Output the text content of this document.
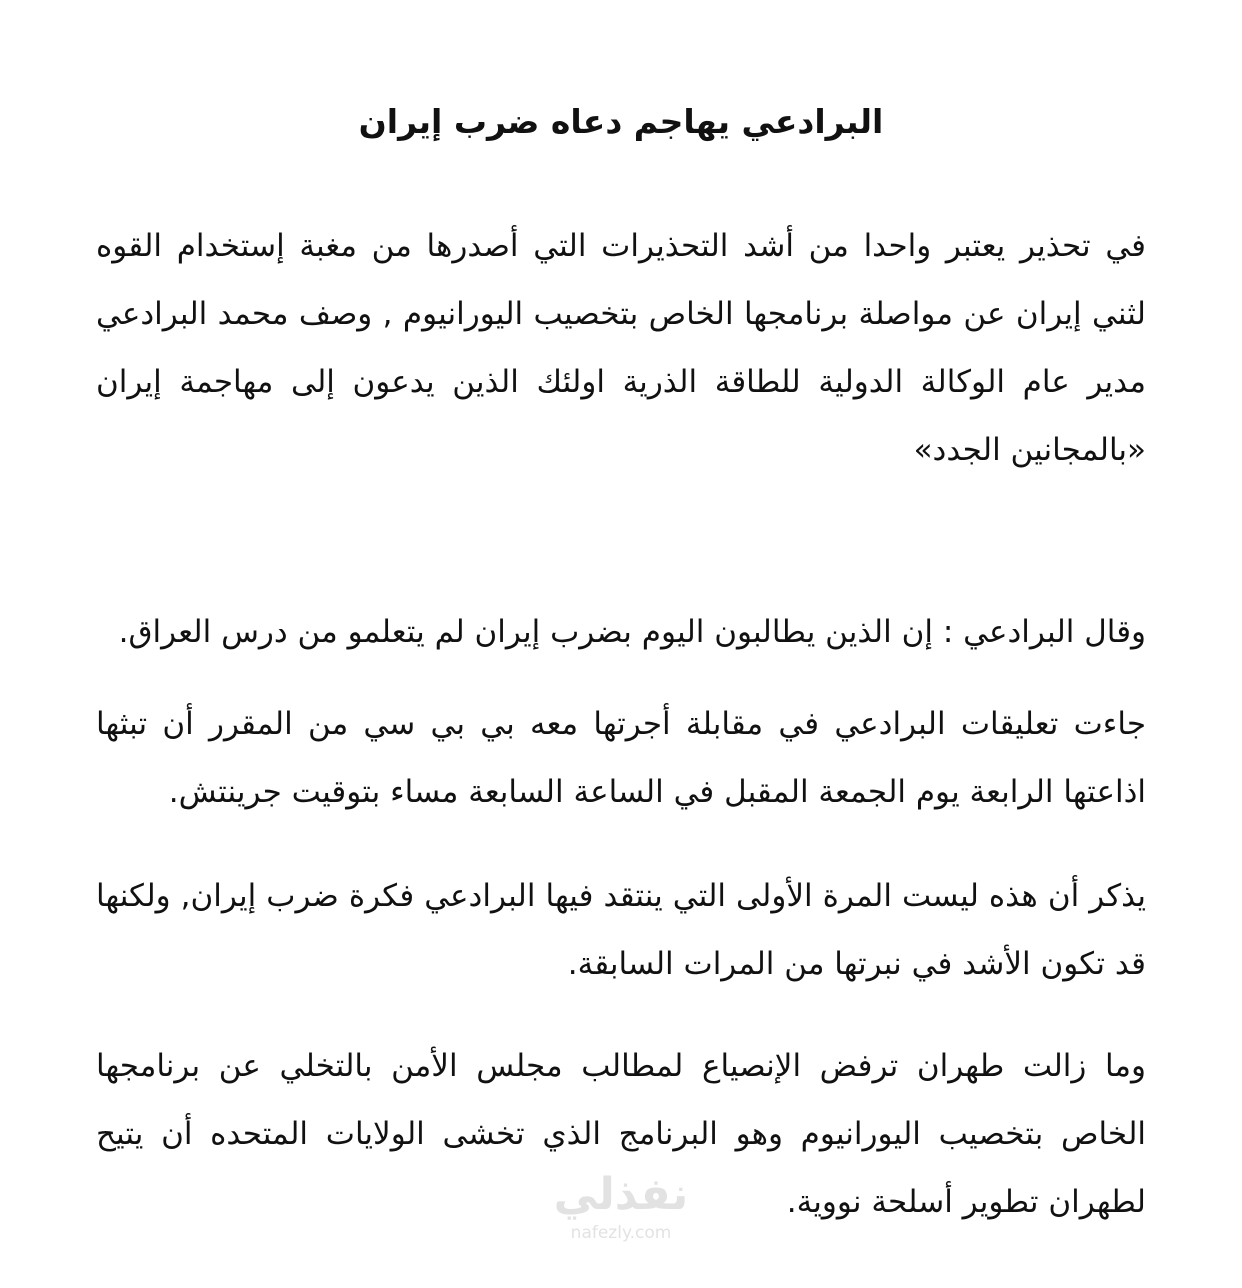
البرادعي يهاجم دعاه ضرب إيران

في تحذير يعتبر واحدا من أشد التحذيرات التي أصدرها من مغبة إستخدام القوه لثني إيران عن مواصلة برنامجها الخاص بتخصيب اليورانيوم , وصف محمد البرادعي مدير عام الوكالة الدولية للطاقة الذرية اولئك الذين يدعون إلى مهاجمة إيران «بالمجانين الجدد»

وقال البرادعي : إن الذين يطالبون اليوم بضرب إيران لم يتعلمو من درس العراق.

جاءت تعليقات البرادعي في مقابلة أجرتها معه بي بي سي من المقرر أن تبثها اذاعتها الرابعة يوم الجمعة المقبل في الساعة السابعة مساء بتوقيت جرينتش.

يذكر أن هذه ليست المرة الأولى التي ينتقد فيها البرادعي فكرة ضرب إيران, ولكنها قد تكون الأشد في نبرتها من المرات السابقة.

وما زالت طهران ترفض الإنصياع لمطالب مجلس الأمن بالتخلي عن برنامجها الخاص بتخصيب اليورانيوم وهو البرنامج الذي تخشى الولايات المتحده أن يتيح لطهران تطوير أسلحة نووية.

نفذلي
nafezly.com
